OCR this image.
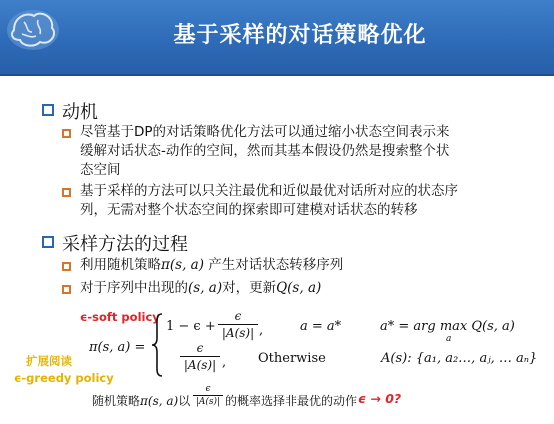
基于采样的对话策略优化
动机
尽管基于DP的对话策略优化方法可以通过缩小状态空间表示来
缓解对话状态-动作的空间，然而其基本假设仍然是搜索整个状
态空间
基于采样的方法可以只关注最优和近似最优对话所对应的状态序
列，无需对整个状态空间的探索即可建模对话状态的转移
采样方法的过程
利用随机策略π(s, a) 产生对话状态转移序列
对于序列中出现的(s, a)对，更新Q(s, a)
ϵ-soft policy
扩展阅读
ϵ-greedy policy
π(s, a) =
1 − ϵ +
ϵ
|A(s)| ,	a = a*
ϵ
|A(s)| , Otherwise
a* = arg max Q(s, a)
a
A(s): {a₁, a₂…, aⱼ, … aₙ}
随机策略π(s, a)以
ϵ
|A(s)| 的概率选择非最优的动作 ϵ → 0?
